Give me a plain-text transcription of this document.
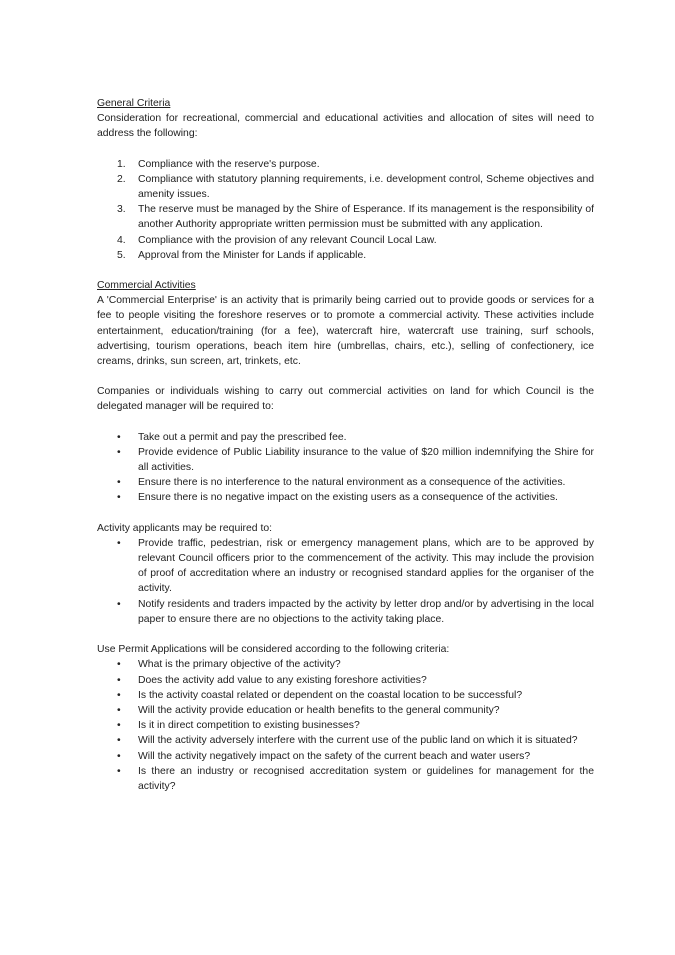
General Criteria

Consideration for recreational, commercial and educational activities and allocation of sites will need to address the following:

1. Compliance with the reserve's purpose.
2. Compliance with statutory planning requirements, i.e. development control, Scheme objectives and amenity issues.
3. The reserve must be managed by the Shire of Esperance. If its management is the responsibility of another Authority appropriate written permission must be submitted with any application.
4. Compliance with the provision of any relevant Council Local Law.
5. Approval from the Minister for Lands if applicable.

Commercial Activities

A 'Commercial Enterprise' is an activity that is primarily being carried out to provide goods or services for a fee to people visiting the foreshore reserves or to promote a commercial activity. These activities include entertainment, education/training (for a fee), watercraft hire, watercraft use training, surf schools, advertising, tourism operations, beach item hire (umbrellas, chairs, etc.), selling of confectionery, ice creams, drinks, sun screen, art, trinkets, etc.

Companies or individuals wishing to carry out commercial activities on land for which Council is the delegated manager will be required to:

• Take out a permit and pay the prescribed fee.
• Provide evidence of Public Liability insurance to the value of $20 million indemnifying the Shire for all activities.
• Ensure there is no interference to the natural environment as a consequence of the activities.
• Ensure there is no negative impact on the existing users as a consequence of the activities.

Activity applicants may be required to:

• Provide traffic, pedestrian, risk or emergency management plans, which are to be approved by relevant Council officers prior to the commencement of the activity. This may include the provision of proof of accreditation where an industry or recognised standard applies for the organiser of the activity.
• Notify residents and traders impacted by the activity by letter drop and/or by advertising in the local paper to ensure there are no objections to the activity taking place.

Use Permit Applications will be considered according to the following criteria:

• What is the primary objective of the activity?
• Does the activity add value to any existing foreshore activities?
• Is the activity coastal related or dependent on the coastal location to be successful?
• Will the activity provide education or health benefits to the general community?
• Is it in direct competition to existing businesses?
• Will the activity adversely interfere with the current use of the public land on which it is situated?
• Will the activity negatively impact on the safety of the current beach and water users?
• Is there an industry or recognised accreditation system or guidelines for management for the activity?
